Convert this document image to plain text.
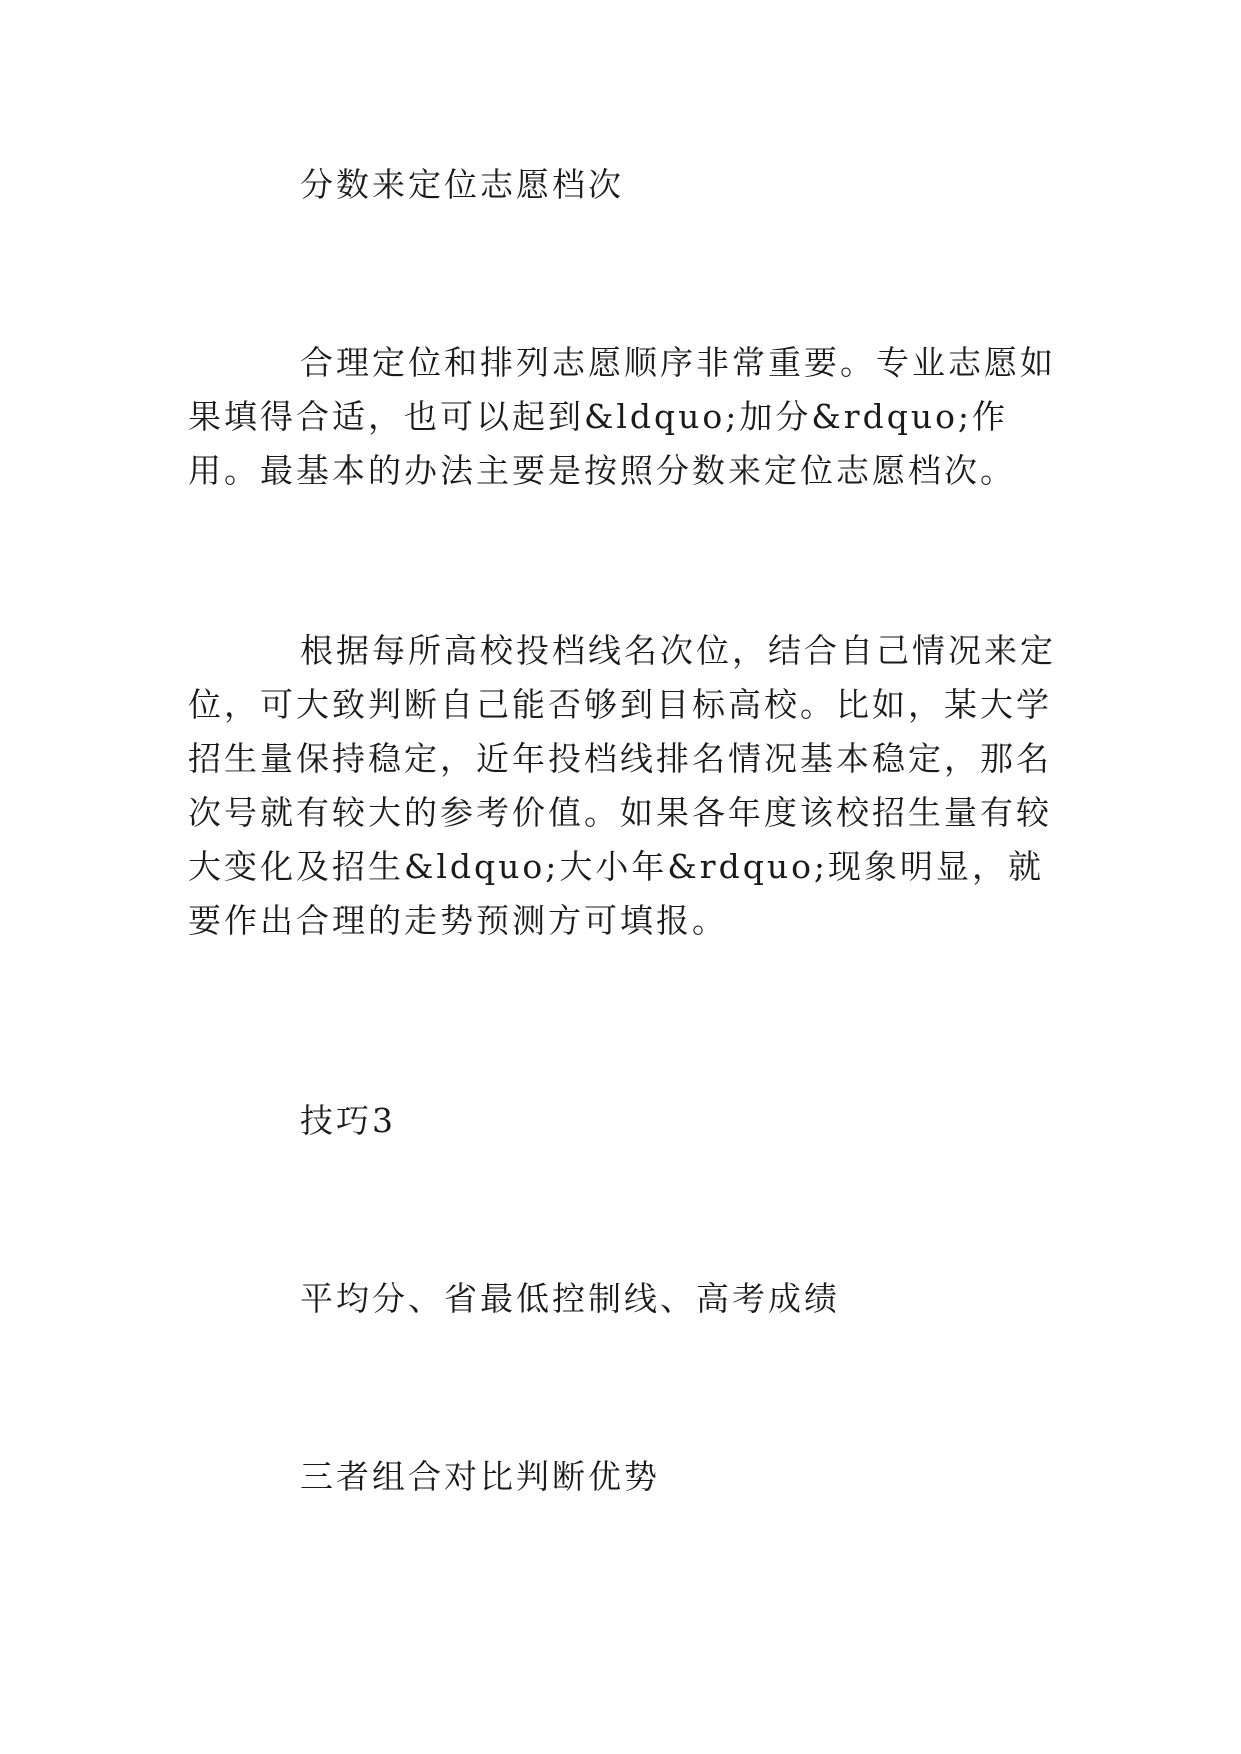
分数来定位志愿档次

合理定位和排列志愿顺序非常重要。专业志愿如果填得合适，也可以起到&ldquo;加分&rdquo;作用。最基本的办法主要是按照分数来定位志愿档次。

根据每所高校投档线名次位，结合自己情况来定位，可大致判断自己能否够到目标高校。比如，某大学招生量保持稳定，近年投档线排名情况基本稳定，那名次号就有较大的参考价值。如果各年度该校招生量有较大变化及招生&ldquo;大小年&rdquo;现象明显，就要作出合理的走势预测方可填报。

技巧3

平均分、省最低控制线、高考成绩

三者组合对比判断优势
